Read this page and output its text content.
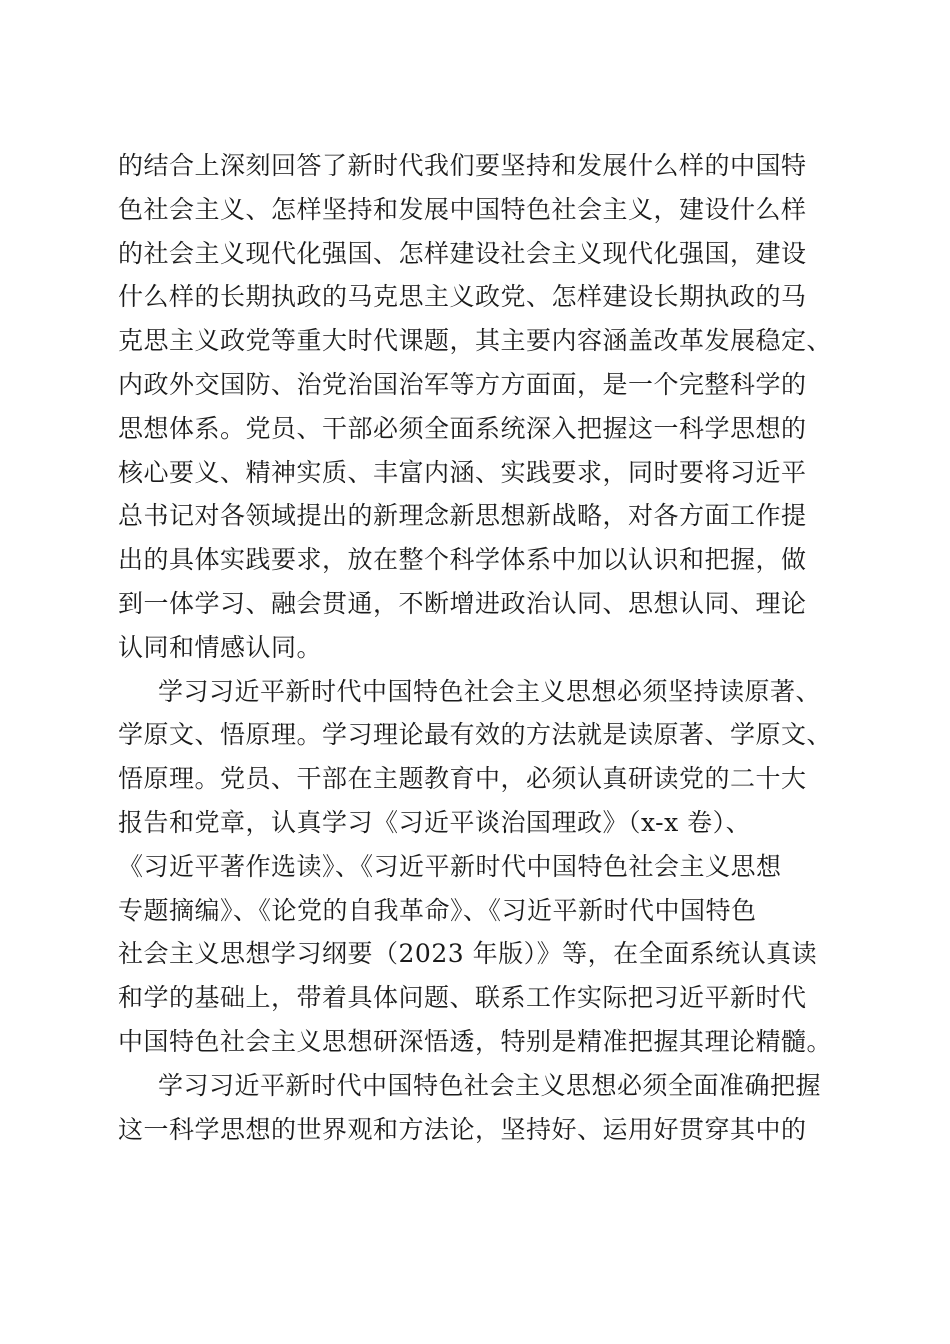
的结合上深刻回答了新时代我们要坚持和发展什么样的中国特
色社会主义、怎样坚持和发展中国特色社会主义，建设什么样
的社会主义现代化强国、怎样建设社会主义现代化强国，建设
什么样的长期执政的马克思主义政党、怎样建设长期执政的马
克思主义政党等重大时代课题，其主要内容涵盖改革发展稳定、
内政外交国防、治党治国治军等方方面面，是一个完整科学的
思想体系。党员、干部必须全面系统深入把握这一科学思想的
核心要义、精神实质、丰富内涵、实践要求，同时要将习近平
总书记对各领域提出的新理念新思想新战略，对各方面工作提
出的具体实践要求，放在整个科学体系中加以认识和把握，做
到一体学习、融会贯通，不断增进政治认同、思想认同、理论
认同和情感认同。
学习习近平新时代中国特色社会主义思想必须坚持读原著、
学原文、悟原理。学习理论最有效的方法就是读原著、学原文、
悟原理。党员、干部在主题教育中，必须认真研读党的二十大
报告和党章，认真学习《习近平谈治国理政》（x-x 卷）、
《习近平著作选读》、《习近平新时代中国特色社会主义思想
专题摘编》、《论党的自我革命》、《习近平新时代中国特色
社会主义思想学习纲要（2023 年版）》等，在全面系统认真读
和学的基础上，带着具体问题、联系工作实际把习近平新时代
中国特色社会主义思想研深悟透，特别是精准把握其理论精髓。
学习习近平新时代中国特色社会主义思想必须全面准确把握
这一科学思想的世界观和方法论，坚持好、运用好贯穿其中的
